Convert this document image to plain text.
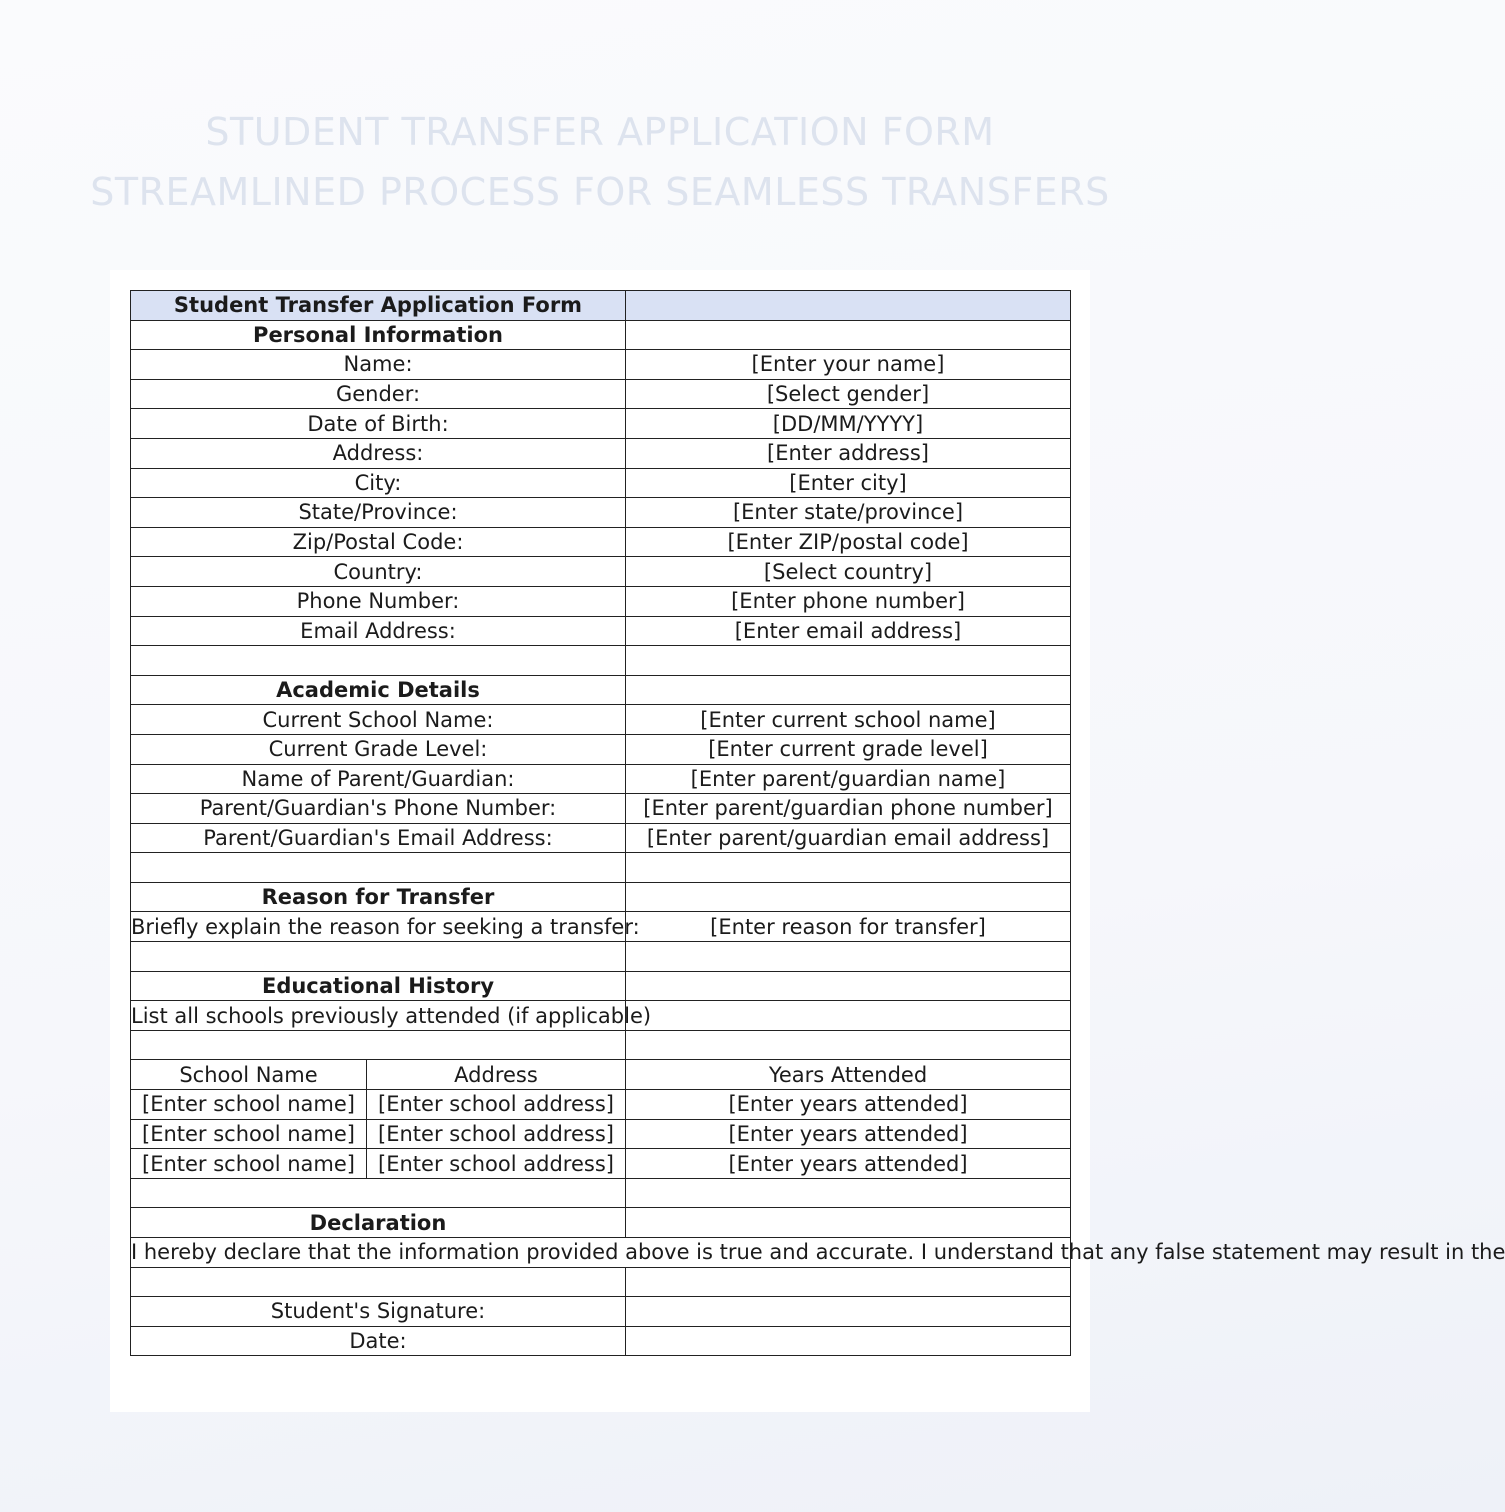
STUDENT TRANSFER APPLICATION FORM
STREAMLINED PROCESS FOR SEAMLESS TRANSFERS
Student Transfer Application Form		
Personal Information		
Name:		[Enter your name]
Gender:		[Select gender]
Date of Birth:		[DD/MM/YYYY]
Address:		[Enter address]
City:		[Enter city]
State/Province:		[Enter state/province]
Zip/Postal Code:		[Enter ZIP/postal code]
Country:		[Select country]
Phone Number:		[Enter phone number]
Email Address:		[Enter email address]

Academic Details		
Current School Name:		[Enter current school name]
Current Grade Level:		[Enter current grade level]
Name of Parent/Guardian:		[Enter parent/guardian name]
Parent/Guardian's Phone Number:		[Enter parent/guardian phone number]
Parent/Guardian's Email Address:		[Enter parent/guardian email address]

Reason for Transfer		
Briefly explain the reason for seeking a transfer:		[Enter reason for transfer]

Educational History		
List all schools previously attended (if applicable)		

School Name	Address	Years Attended
[Enter school name]	[Enter school address]	[Enter years attended]
[Enter school name]	[Enter school address]	[Enter years attended]
[Enter school name]	[Enter school address]	[Enter years attended]

Declaration		
I hereby declare that the information provided above is true and accurate. I understand that any false statement may result in the		

Student's Signature:		
Date:		
